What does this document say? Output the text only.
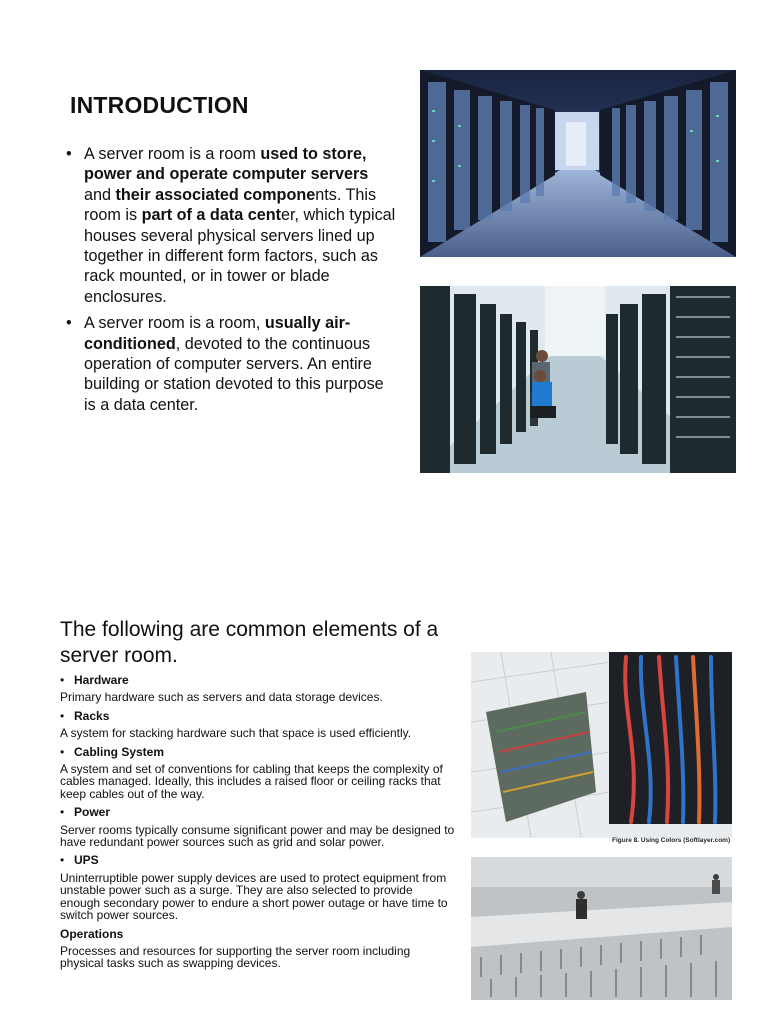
INTRODUCTION
• A server room is a room used to store, power and operate computer servers and their associated components. This room is part of a data center, which typical houses several physical servers lined up together in different form factors, such as rack mounted, or in tower or blade enclosures.
• A server room is a room, usually air-conditioned, devoted to the continuous operation of computer servers. An entire building or station devoted to this purpose is a data center.
The following are common elements of a server room.
• Hardware
Primary hardware such as servers and data storage devices.
• Racks
A system for stacking hardware such that space is used efficiently.
• Cabling System
A system and set of conventions for cabling that keeps the complexity of cables managed. Ideally, this includes a raised floor or ceiling racks that keep cables out of the way.
• Power
Server rooms typically consume significant power and may be designed to have redundant power sources such as grid and solar power.
• UPS
Uninterruptible power supply devices are used to protect equipment from unstable power such as a surge. They are also selected to provide enough secondary power to endure a short power outage or have time to switch power sources.
Operations
Processes and resources for supporting the server room including physical tasks such as swapping devices.
Figure 8. Using Colors (Softlayer.com)
